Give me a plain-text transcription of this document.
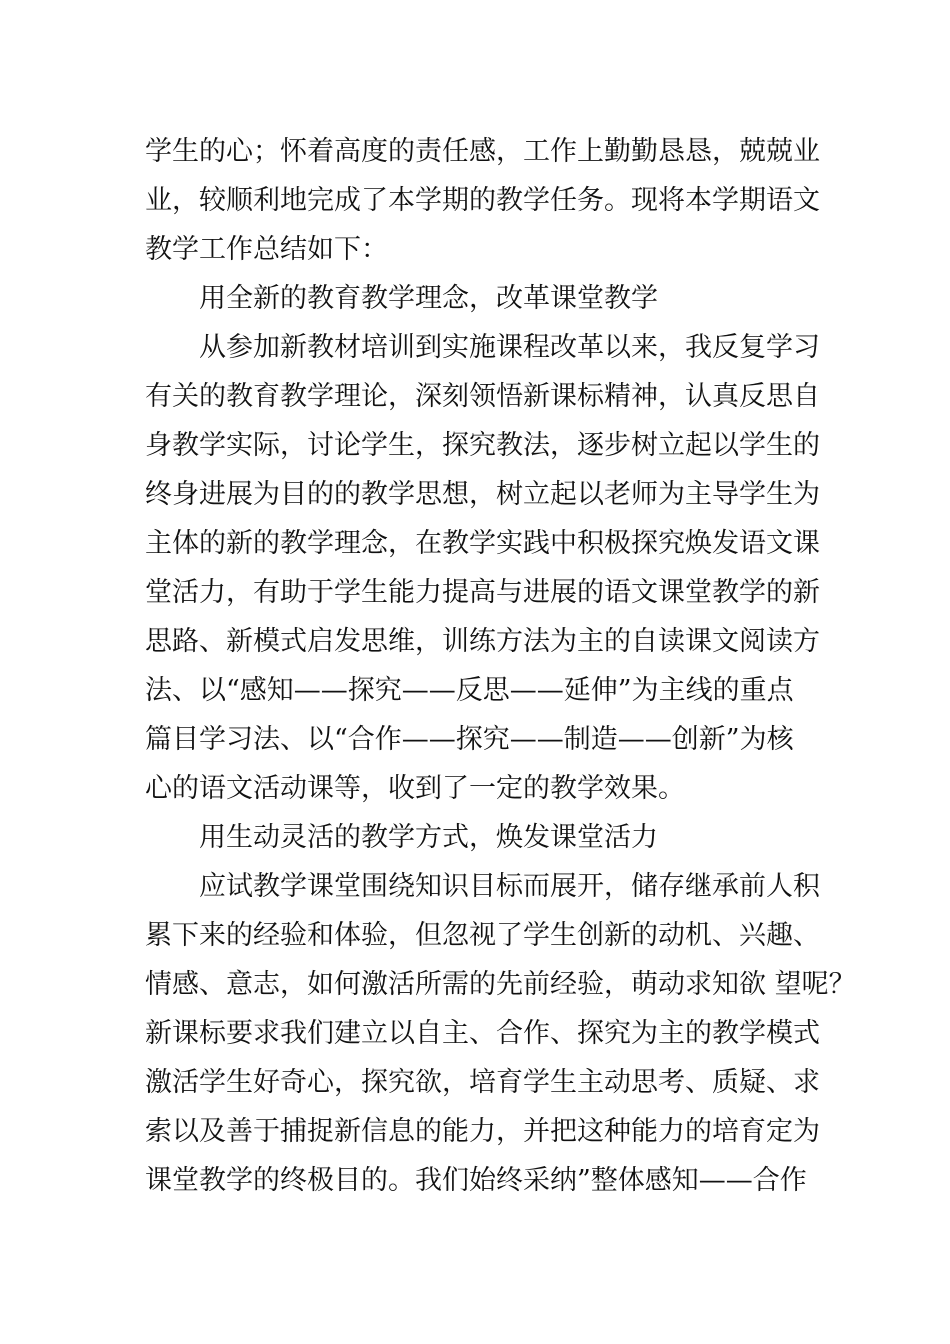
学生的心；怀着高度的责任感，工作上勤勤恳恳，兢兢业
业，较顺利地完成了本学期的教学任务。现将本学期语文
教学工作总结如下：
用全新的教育教学理念，改革课堂教学
从参加新教材培训到实施课程改革以来，我反复学习
有关的教育教学理论，深刻领悟新课标精神，认真反思自
身教学实际，讨论学生，探究教法，逐步树立起以学生的
终身进展为目的的教学思想，树立起以老师为主导学生为
主体的新的教学理念，在教学实践中积极探究焕发语文课
堂活力，有助于学生能力提高与进展的语文课堂教学的新
思路、新模式启发思维，训练方法为主的自读课文阅读方
法、以“感知——探究——反思——延伸”为主线的重点
篇目学习法、以“合作——探究——制造——创新”为核
心的语文活动课等，收到了一定的教学效果。
用生动灵活的教学方式，焕发课堂活力
应试教学课堂围绕知识目标而展开，储存继承前人积
累下来的经验和体验，但忽视了学生创新的动机、兴趣、
情感、意志，如何激活所需的先前经验，萌动求知欲 望呢？
新课标要求我们建立以自主、合作、探究为主的教学模式
激活学生好奇心，探究欲，培育学生主动思考、质疑、求
索以及善于捕捉新信息的能力，并把这种能力的培育定为
课堂教学的终极目的。我们始终采纳”整体感知——合作
